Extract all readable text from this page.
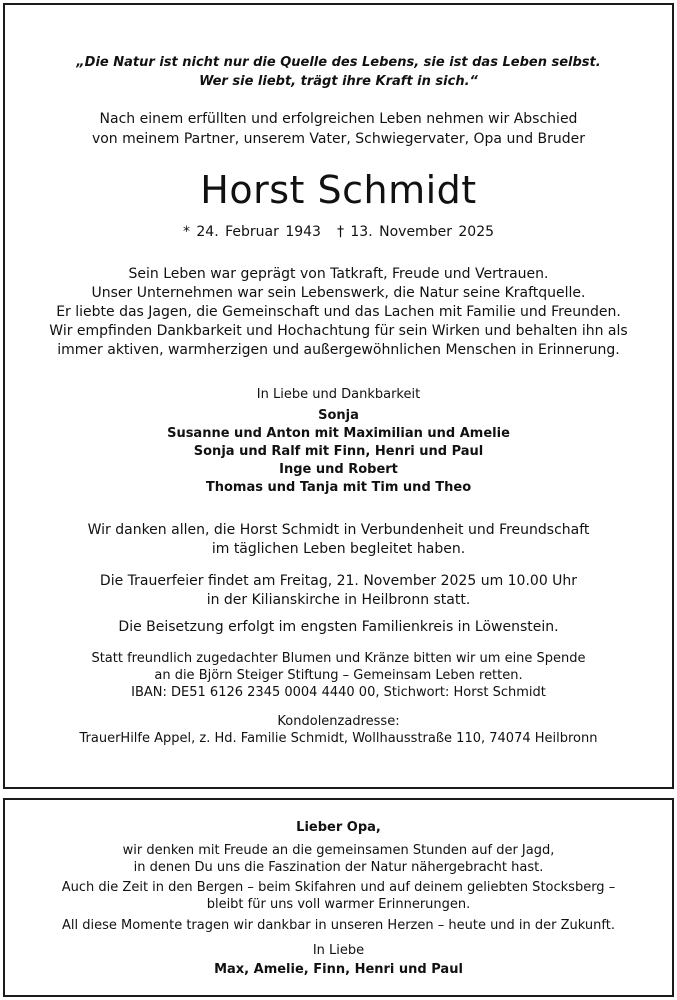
„Die Natur ist nicht nur die Quelle des Lebens, sie ist das Leben selbst.
Wer sie liebt, trägt ihre Kraft in sich.“
Nach einem erfüllten und erfolgreichen Leben nehmen wir Abschied
von meinem Partner, unserem Vater, Schwiegervater, Opa und Bruder
Horst Schmidt
* 24. Februar 1943 † 13. November 2025
Sein Leben war geprägt von Tatkraft, Freude und Vertrauen.
Unser Unternehmen war sein Lebenswerk, die Natur seine Kraftquelle.
Er liebte das Jagen, die Gemeinschaft und das Lachen mit Familie und Freunden.
Wir empfinden Dankbarkeit und Hochachtung für sein Wirken und behalten ihn als
immer aktiven, warmherzigen und außergewöhnlichen Menschen in Erinnerung.
In Liebe und Dankbarkeit
Sonja
Susanne und Anton mit Maximilian und Amelie
Sonja und Ralf mit Finn, Henri und Paul
Inge und Robert
Thomas und Tanja mit Tim und Theo
Wir danken allen, die Horst Schmidt in Verbundenheit und Freundschaft
im täglichen Leben begleitet haben.
Die Trauerfeier findet am Freitag, 21. November 2025 um 10.00 Uhr
in der Kilianskirche in Heilbronn statt.
Die Beisetzung erfolgt im engsten Familienkreis in Löwenstein.
Statt freundlich zugedachter Blumen und Kränze bitten wir um eine Spende
an die Björn Steiger Stiftung – Gemeinsam Leben retten.
IBAN: DE51 6126 2345 0004 4440 00, Stichwort: Horst Schmidt
Kondolenzadresse:
TrauerHilfe Appel, z. Hd. Familie Schmidt, Wollhausstraße 110, 74074 Heilbronn
Lieber Opa,
wir denken mit Freude an die gemeinsamen Stunden auf der Jagd,
in denen Du uns die Faszination der Natur nähergebracht hast.
Auch die Zeit in den Bergen – beim Skifahren und auf deinem geliebten Stocksberg –
bleibt für uns voll warmer Erinnerungen.
All diese Momente tragen wir dankbar in unseren Herzen – heute und in der Zukunft.
In Liebe
Max, Amelie, Finn, Henri und Paul
